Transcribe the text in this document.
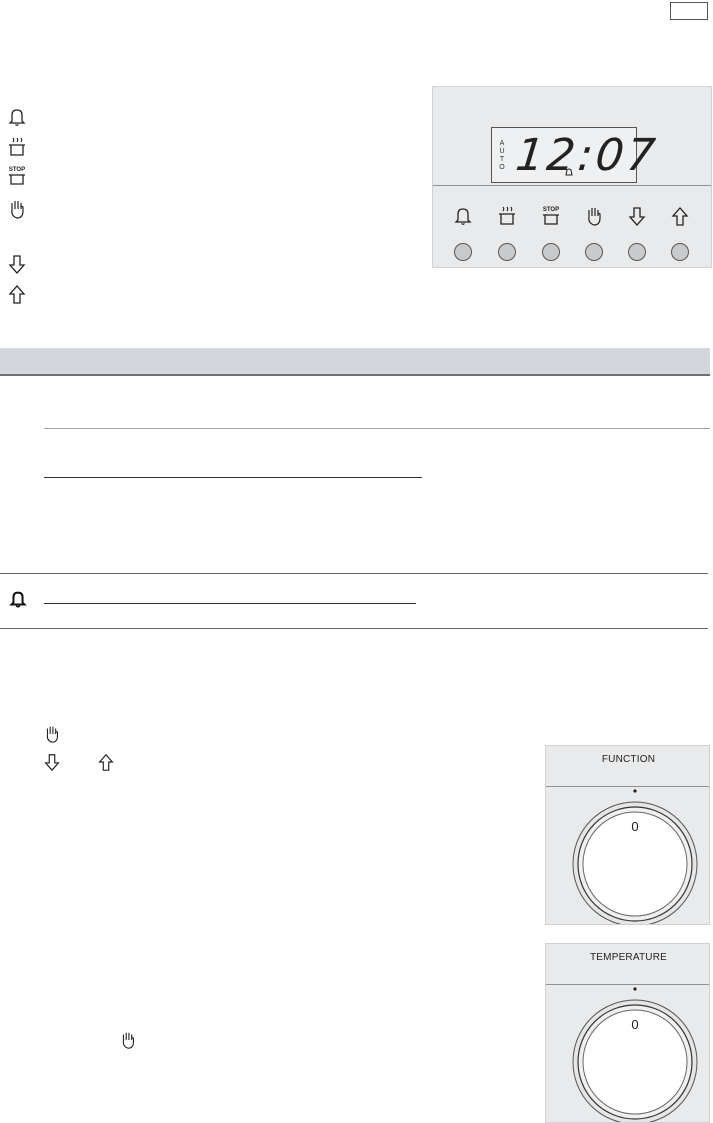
STOP
A
U
T
O 12:07
STOP
FUNCTION
0
TEMPERATURE
0
